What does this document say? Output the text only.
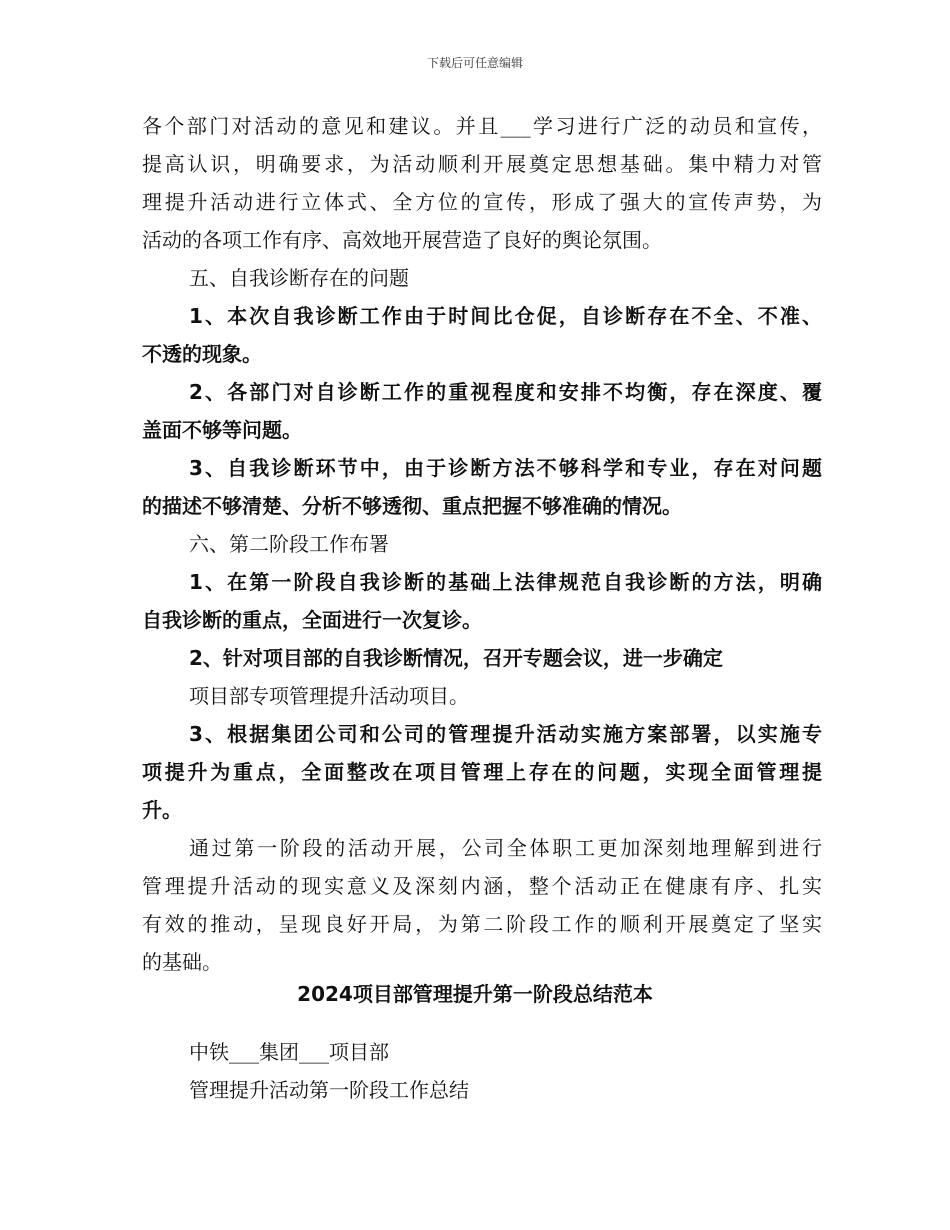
下载后可任意编辑
各个部门对活动的意见和建议。并且___学习进行广泛的动员和宣传，
提高认识，明确要求，为活动顺利开展奠定思想基础。集中精力对管
理提升活动进行立体式、全方位的宣传，形成了强大的宣传声势，为
活动的各项工作有序、高效地开展营造了良好的舆论氛围。
五、自我诊断存在的问题
1、本次自我诊断工作由于时间比仓促，自诊断存在不全、不准、
不透的现象。
2、各部门对自诊断工作的重视程度和安排不均衡，存在深度、覆
盖面不够等问题。
3、自我诊断环节中，由于诊断方法不够科学和专业，存在对问题
的描述不够清楚、分析不够透彻、重点把握不够准确的情况。
六、第二阶段工作布署
1、在第一阶段自我诊断的基础上法律规范自我诊断的方法，明确
自我诊断的重点，全面进行一次复诊。
2、针对项目部的自我诊断情况，召开专题会议，进一步确定
项目部专项管理提升活动项目。
3、根据集团公司和公司的管理提升活动实施方案部署，以实施专
项提升为重点，全面整改在项目管理上存在的问题，实现全面管理提
升。
通过第一阶段的活动开展，公司全体职工更加深刻地理解到进行
管理提升活动的现实意义及深刻内涵，整个活动正在健康有序、扎实
有效的推动，呈现良好开局，为第二阶段工作的顺利开展奠定了坚实
的基础。
2024项目部管理提升第一阶段总结范本
中铁___集团___项目部
管理提升活动第一阶段工作总结
